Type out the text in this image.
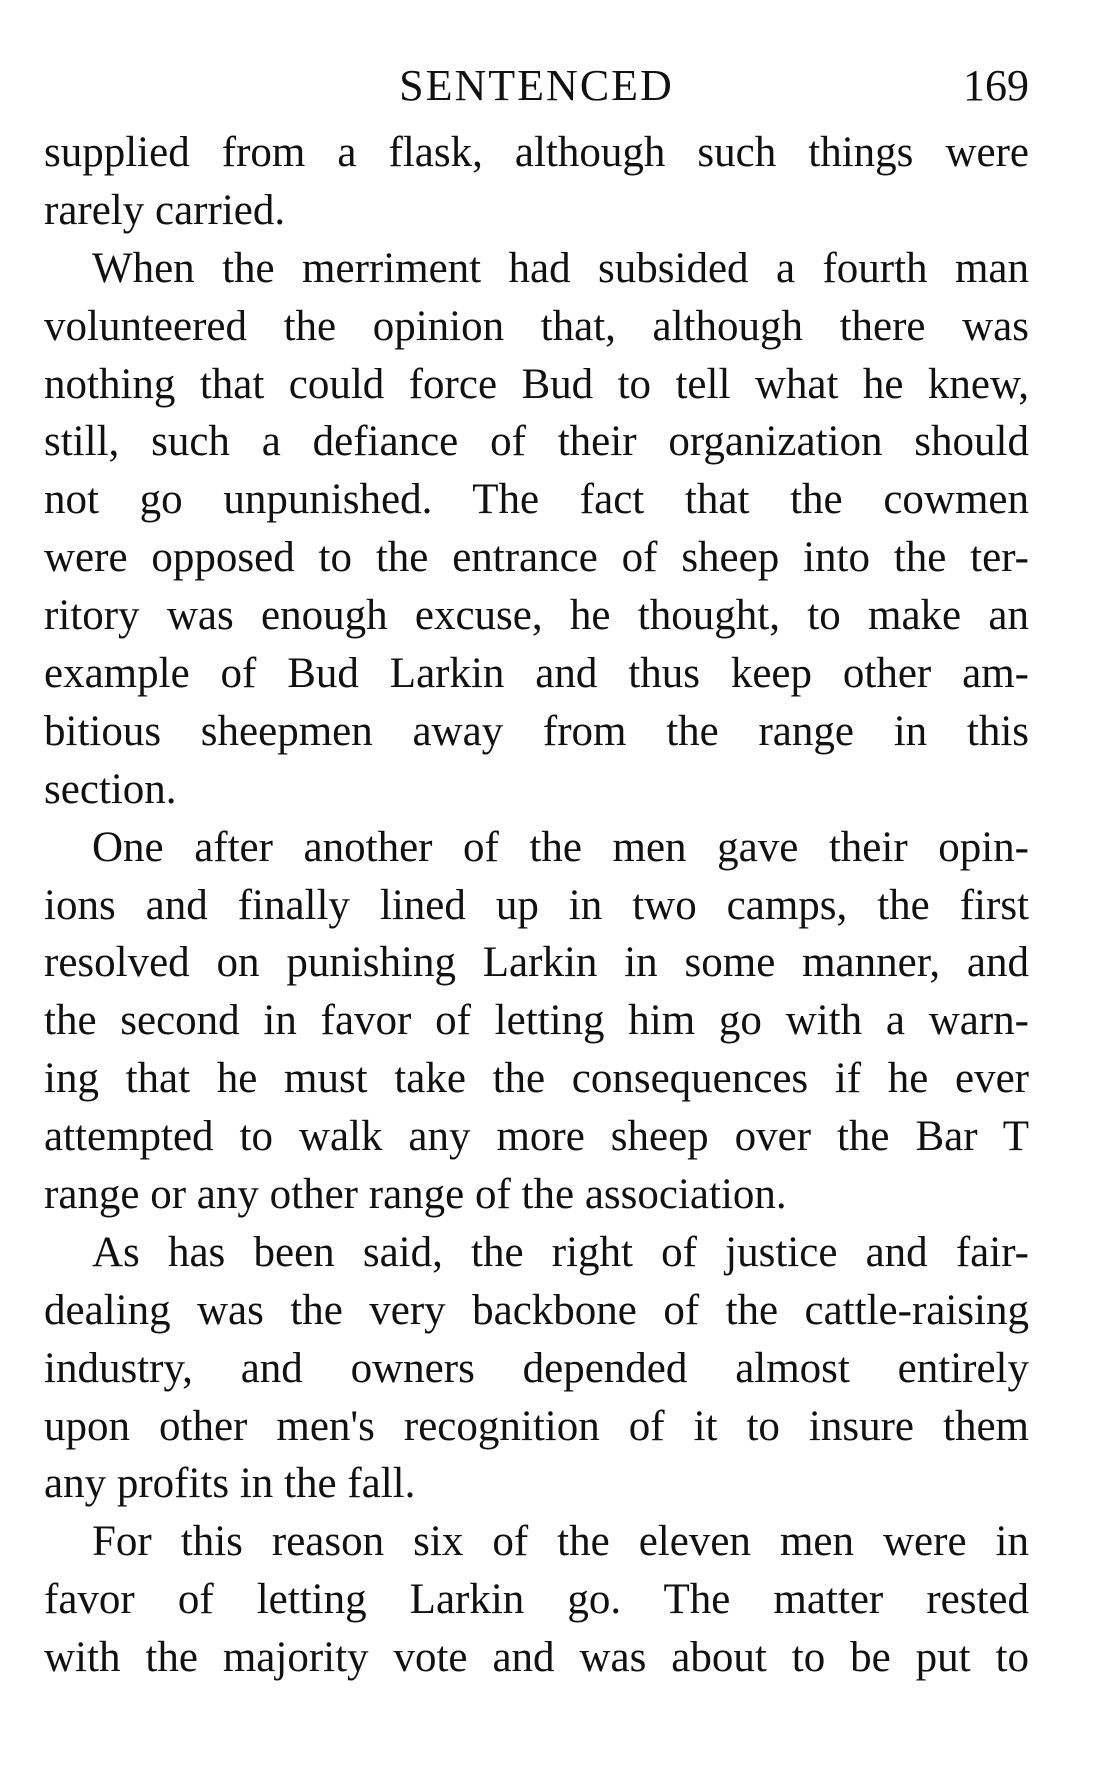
SENTENCED	169
supplied from a flask, although such things were
rarely carried.
When the merriment had subsided a fourth man
volunteered the opinion that, although there was
nothing that could force Bud to tell what he knew,
still, such a defiance of their organization should
not go unpunished. The fact that the cowmen
were opposed to the entrance of sheep into the ter-
ritory was enough excuse, he thought, to make an
example of Bud Larkin and thus keep other am-
bitious sheepmen away from the range in this
section.
One after another of the men gave their opin-
ions and finally lined up in two camps, the first
resolved on punishing Larkin in some manner, and
the second in favor of letting him go with a warn-
ing that he must take the consequences if he ever
attempted to walk any more sheep over the Bar T
range or any other range of the association.
As has been said, the right of justice and fair-
dealing was the very backbone of the cattle-raising
industry, and owners depended almost entirely
upon other men's recognition of it to insure them
any profits in the fall.
For this reason six of the eleven men were in
favor of letting Larkin go. The matter rested
with the majority vote and was about to be put to
